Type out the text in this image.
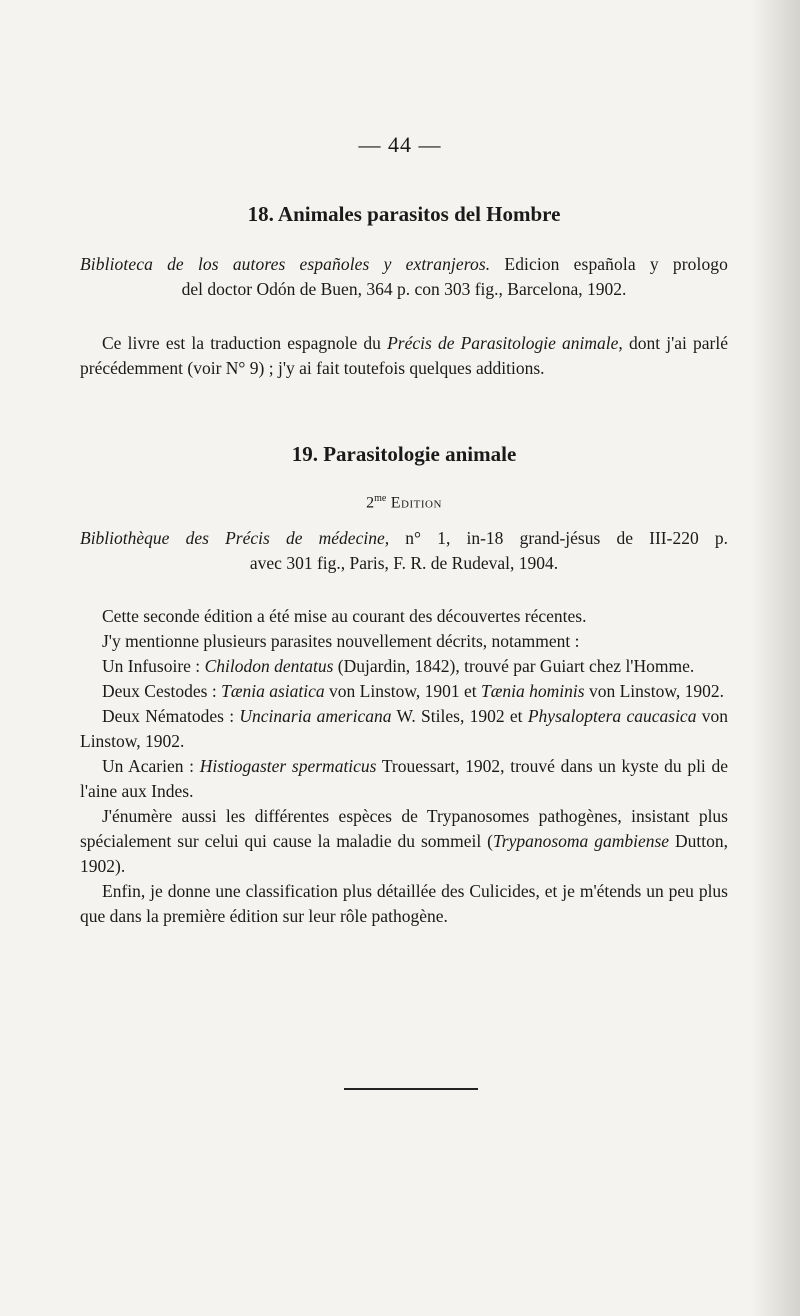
— 44 —

18. Animales parasitos del Hombre

Biblioteca de los autores españoles y extranjeros. Edicion española y prologo

del doctor Odón de Buen, 364 p. con 303 fig., Barcelona, 1902.

Ce livre est la traduction espagnole du Précis de Parasitologie animale, dont j'ai parlé précédemment (voir N° 9) ; j'y ai fait toutefois quelques additions.

19. Parasitologie animale

$2^{me}$ Edition

Bibliothèque des Précis de médecine, n° 1, in-18 grand-jésus de III-220 p.

avec 301 fig., Paris, F. R. de Rudeval, 1904.

Cette seconde édition a été mise au courant des découvertes récentes.

J'y mentionne plusieurs parasites nouvellement décrits, notamment :

Un Infusoire : Chilodon dentatus (Dujardin, 1842), trouvé par Guiart chez l'Homme.

Deux Cestodes : Tænia asiatica von Linstow, 1901 et Tænia hominis von Linstow, 1902.

Deux Nématodes : Uncinaria americana W. Stiles, 1902 et Physaloptera caucasica von Linstow, 1902.

Un Acarien : Histiogaster spermaticus Trouessart, 1902, trouvé dans un kyste du pli de l'aine aux Indes.

J'énumère aussi les différentes espèces de Trypanosomes pathogènes, insistant plus spécialement sur celui qui cause la maladie du sommeil (Trypanosoma gambiense Dutton, 1902).

Enfin, je donne une classification plus détaillée des Culicides, et je m'étends un peu plus que dans la première édition sur leur rôle pathogène.
